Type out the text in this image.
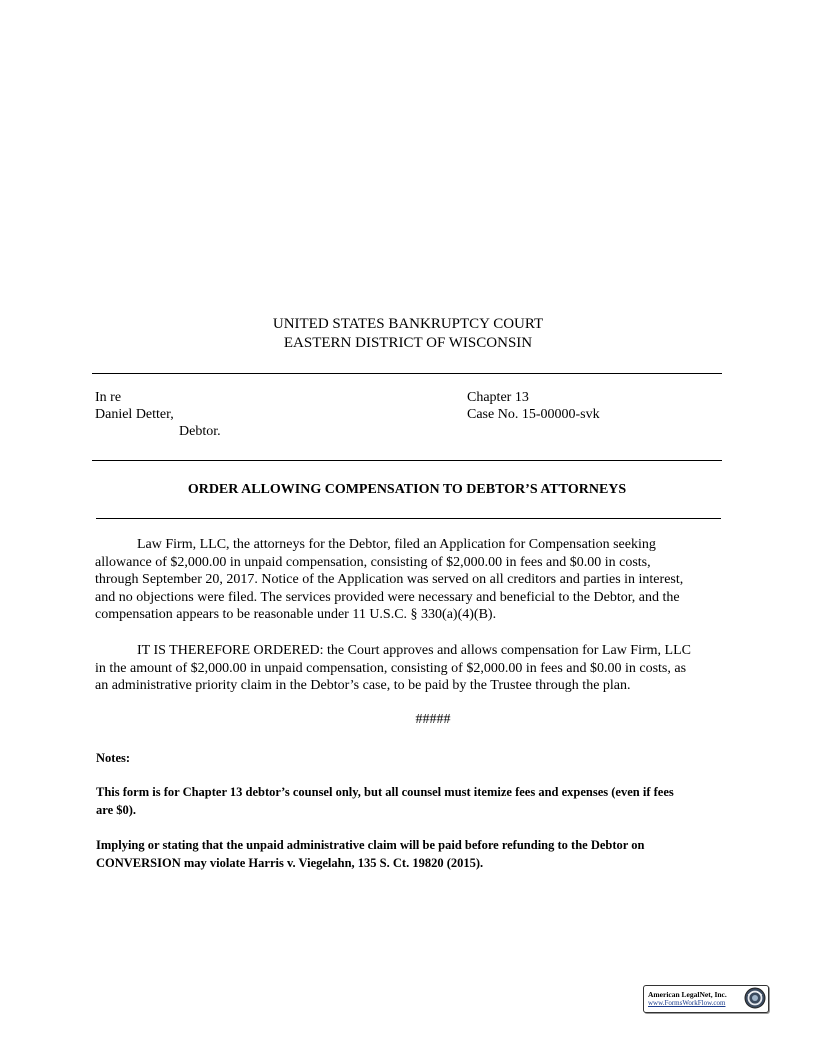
UNITED STATES BANKRUPTCY COURT
EASTERN DISTRICT OF WISCONSIN
In re
Daniel Detter,
Debtor.
Chapter 13
Case No. 15-00000-svk
ORDER ALLOWING COMPENSATION TO DEBTOR’S ATTORNEYS
Law Firm, LLC, the attorneys for the Debtor, filed an Application for Compensation seeking
allowance of $2,000.00 in unpaid compensation, consisting of $2,000.00 in fees and $0.00 in costs,
through September 20, 2017. Notice of the Application was served on all creditors and parties in interest,
and no objections were filed. The services provided were necessary and beneficial to the Debtor, and the
compensation appears to be reasonable under 11 U.S.C. § 330(a)(4)(B).
IT IS THEREFORE ORDERED: the Court approves and allows compensation for Law Firm, LLC
in the amount of $2,000.00 in unpaid compensation, consisting of $2,000.00 in fees and $0.00 in costs, as
an administrative priority claim in the Debtor’s case, to be paid by the Trustee through the plan.
#####
Notes:
This form is for Chapter 13 debtor’s counsel only, but all counsel must itemize fees and expenses (even if fees
are $0).
Implying or stating that the unpaid administrative claim will be paid before refunding to the Debtor on
CONVERSION may violate Harris v. Viegelahn, 135 S. Ct. 19820 (2015).
American LegalNet, Inc.
www.FormsWorkFlow.com
